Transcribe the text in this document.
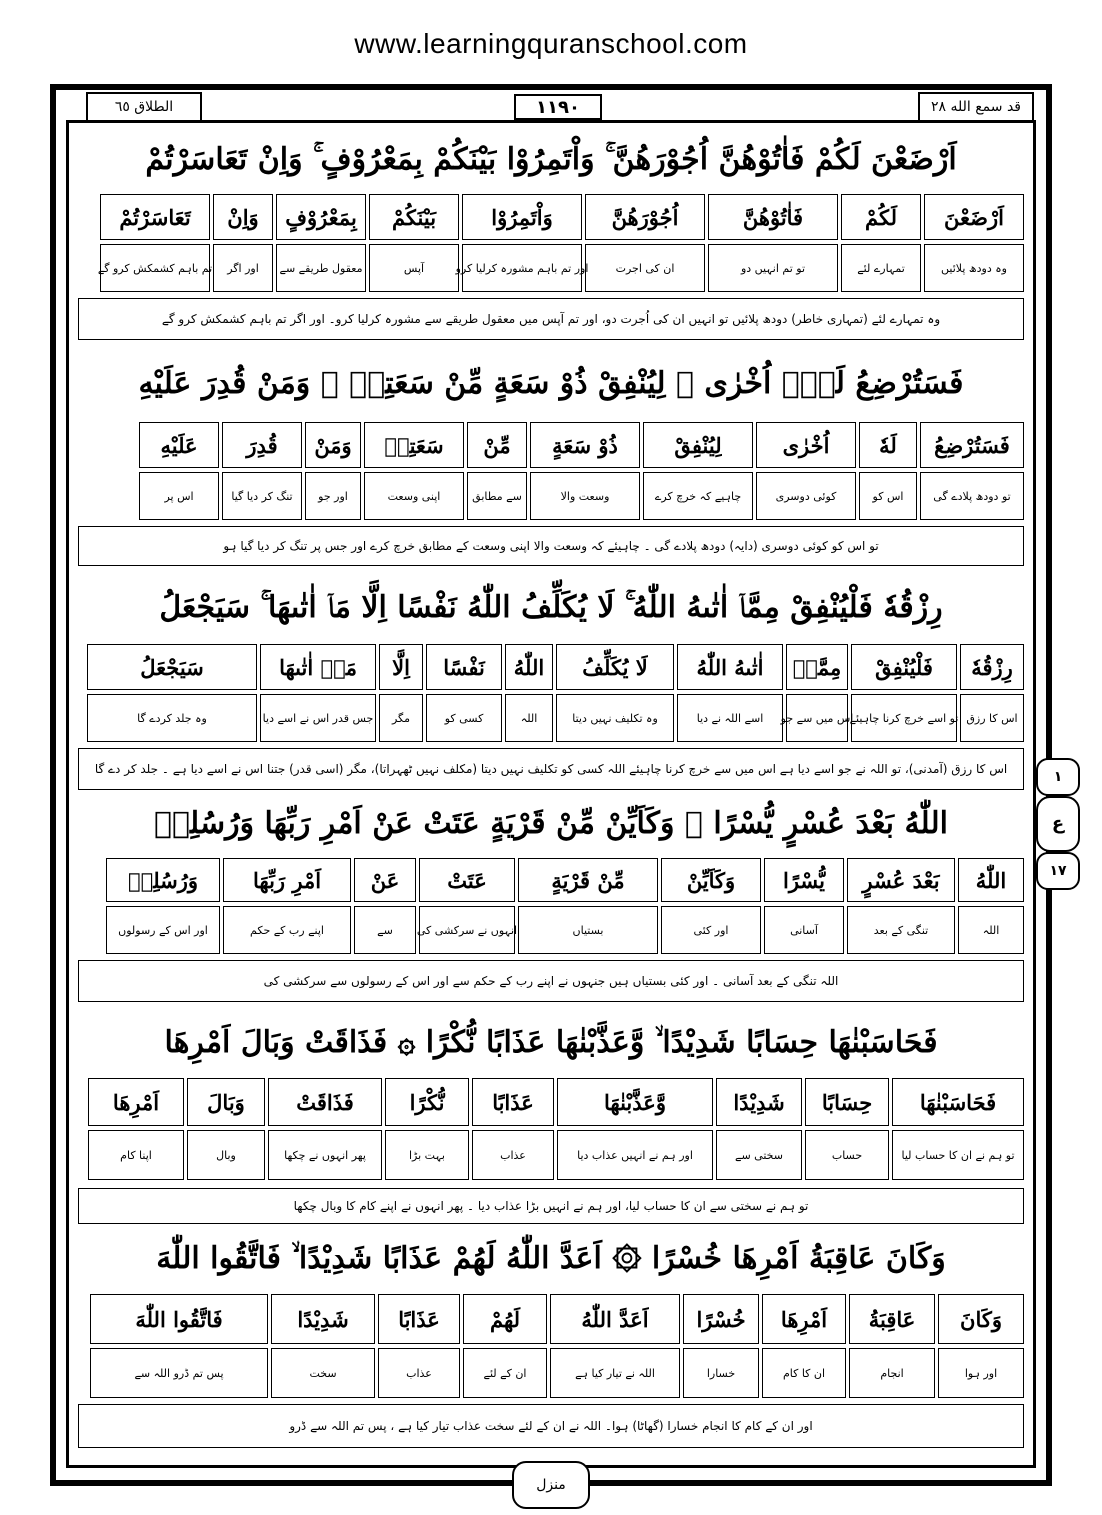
www.learningquranschool.com
قد سمع الله ٢٨
١١٩٠
الطلاق ٦٥
اَرْضَعْنَ لَكُمْ فَاٰتُوْهُنَّ اُجُوْرَهُنَّ ۚ وَاْتَمِرُوْا بَيْنَكُمْ بِمَعْرُوْفٍ ۚ وَاِنْ تَعَاسَرْتُمْ
اَرْضَعْنَ
لَكُمْ
فَاٰتُوْهُنَّ
اُجُوْرَهُنَّ
وَاْتَمِرُوْا
بَيْنَكُمْ
بِمَعْرُوْفٍ
وَاِنْ
تَعَاسَرْتُمْ
وہ دودھ پلائیں
تمہارے لئے
تو تم انہیں دو
ان کی اجرت
اور تم باہم مشورہ کرلیا کرو
آپس
معقول طریقے سے
اور اگر
تم باہم کشمکش کرو گے
وہ تمہارے لئے (تمہاری خاطر) دودھ پلائیں تو انہیں ان کی اُجرت دو، اور تم آپس میں معقول طریقے سے مشورہ کرلیا کرو۔ اور اگر تم باہم کشمکش کرو گے
فَسَتُرْضِعُ لَهٗۤ اُخْرٰى ۞ لِيُنْفِقْ ذُوْ سَعَةٍ مِّنْ سَعَتِهٖ ۚ وَمَنْ قُدِرَ عَلَيْهِ
فَسَتُرْضِعُ
لَهٗ
اُخْرٰى
لِيُنْفِقْ
ذُوْ سَعَةٍ
مِّنْ
سَعَتِهٖ
وَمَنْ
قُدِرَ
عَلَيْهِ
تو دودھ پلادے گی
اس کو
کوئی دوسری
چاہیے کہ خرچ کرے
وسعت والا
سے مطابق
اپنی وسعت
اور جو
تنگ کر دیا گیا
اس پر
تو اس کو کوئی دوسری (دایہ) دودھ پلادے گی ۔ چاہیئے کہ وسعت والا اپنی وسعت کے مطابق خرچ کرے اور جس پر تنگ کر دیا گیا ہو
رِزْقُهٗ فَلْيُنْفِقْ مِمَّاۤ اٰتٰىهُ اللّٰهُ ۚ لَا يُكَلِّفُ اللّٰهُ نَفْسًا اِلَّا مَاۤ اٰتٰىهَا ۚ سَيَجْعَلُ
رِزْقُهٗ
فَلْيُنْفِقْ
مِمَّاۤ
اٰتٰىهُ اللّٰهُ
لَا يُكَلِّفُ
اللّٰهُ
نَفْسًا
اِلَّا
مَاۤ اٰتٰىهَا
سَيَجْعَلُ
اس کا رزق
تو اسے خرچ کرنا چاہیئے
اس میں سے جو
اسے اللہ نے دیا
وہ تکلیف نہیں دیتا
اللہ
کسی کو
مگر
جس قدر اس نے اسے دیا
وہ جلد کردے گا
اس کا رزق (آمدنی)، تو اللہ نے جو اسے دیا ہے اس میں سے خرچ کرنا چاہیئے اللہ کسی کو تکلیف نہیں دیتا (مکلف نہیں ٹھہراتا)، مگر (اسی قدر) جتنا اس نے اسے دیا ہے ۔ جلد کر دے گا
اللّٰهُ بَعْدَ عُسْرٍ يُّسْرًا ۞ وَكَاَيِّنْ مِّنْ قَرْيَةٍ عَتَتْ عَنْ اَمْرِ رَبِّهَا وَرُسُلِهٖ
اللّٰهُ
بَعْدَ عُسْرٍ
يُّسْرًا
وَكَاَيِّنْ
مِّنْ قَرْيَةٍ
عَتَتْ
عَنْ
اَمْرِ رَبِّهَا
وَرُسُلِهٖ
اللہ
تنگی کے بعد
آسانی
اور کئی
بستیاں
انہوں نے سرکشی کی
سے
اپنے رب کے حکم
اور اس کے رسولوں
اللہ تنگی کے بعد آسانی ۔ اور کئی بستیاں ہیں جنہوں نے اپنے رب کے حکم سے اور اس کے رسولوں سے سرکشی کی
فَحَاسَبْنٰهَا حِسَابًا شَدِيْدًا ۙ وَّعَذَّبْنٰهَا عَذَابًا نُّكْرًا ۞ فَذَاقَتْ وَبَالَ اَمْرِهَا
فَحَاسَبْنٰهَا
حِسَابًا
شَدِيْدًا
وَّعَذَّبْنٰهَا
عَذَابًا
نُّكْرًا
فَذَاقَتْ
وَبَالَ
اَمْرِهَا
تو ہم نے ان کا حساب لیا
حساب
سختی سے
اور ہم نے انہیں عذاب دیا
عذاب
بہت بڑا
پھر انہوں نے چکھا
وبال
اپنا کام
تو ہم نے سختی سے ان کا حساب لیا، اور ہم نے انہیں بڑا عذاب دیا ۔ پھر انہوں نے اپنے کام کا وبال چکھا
وَكَانَ عَاقِبَةُ اَمْرِهَا خُسْرًا ۞ اَعَدَّ اللّٰهُ لَهُمْ عَذَابًا شَدِيْدًا ۙ فَاتَّقُوا اللّٰهَ
وَكَانَ
عَاقِبَةُ
اَمْرِهَا
خُسْرًا
اَعَدَّ اللّٰهُ
لَهُمْ
عَذَابًا
شَدِيْدًا
فَاتَّقُوا اللّٰهَ
اور ہوا
انجام
ان کا کام
خسارا
اللہ نے تیار کیا ہے
ان کے لئے
عذاب
سخت
پس تم ڈرو اللہ سے
اور ان کے کام کا انجام خسارا (گھاٹا) ہوا۔ اللہ نے ان کے لئے سخت عذاب تیار کیا ہے ، پس تم اللہ سے ڈرو
١
ع
١٧
منزل
